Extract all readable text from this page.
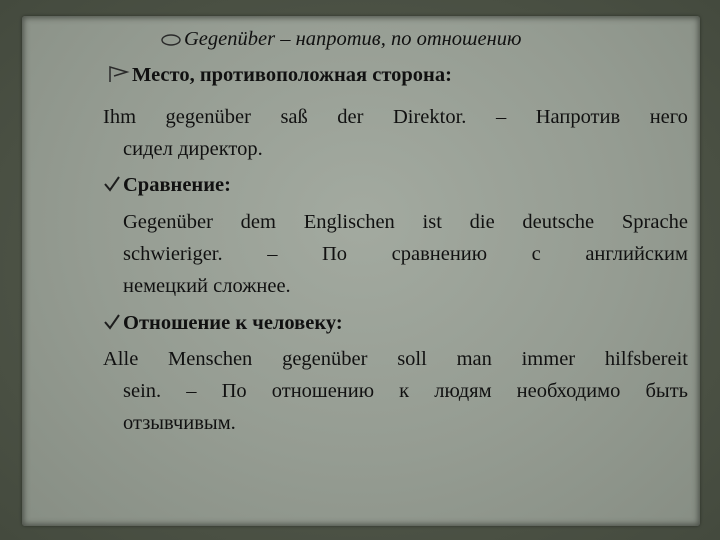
Gegenüber – напротив, по отношению
Место, противоположная сторона:
Ihm gegenüber saß der Direktor. – Напротив него
сидел директор.
Сравнение:
Gegenüber dem Englischen ist die deutsche Sprache
schwieriger. – По сравнению с английским
немецкий сложнее.
Отношение к человеку:
Alle Menschen gegenüber soll man immer hilfsbereit
sein. – По отношению к людям необходимо быть
отзывчивым.
